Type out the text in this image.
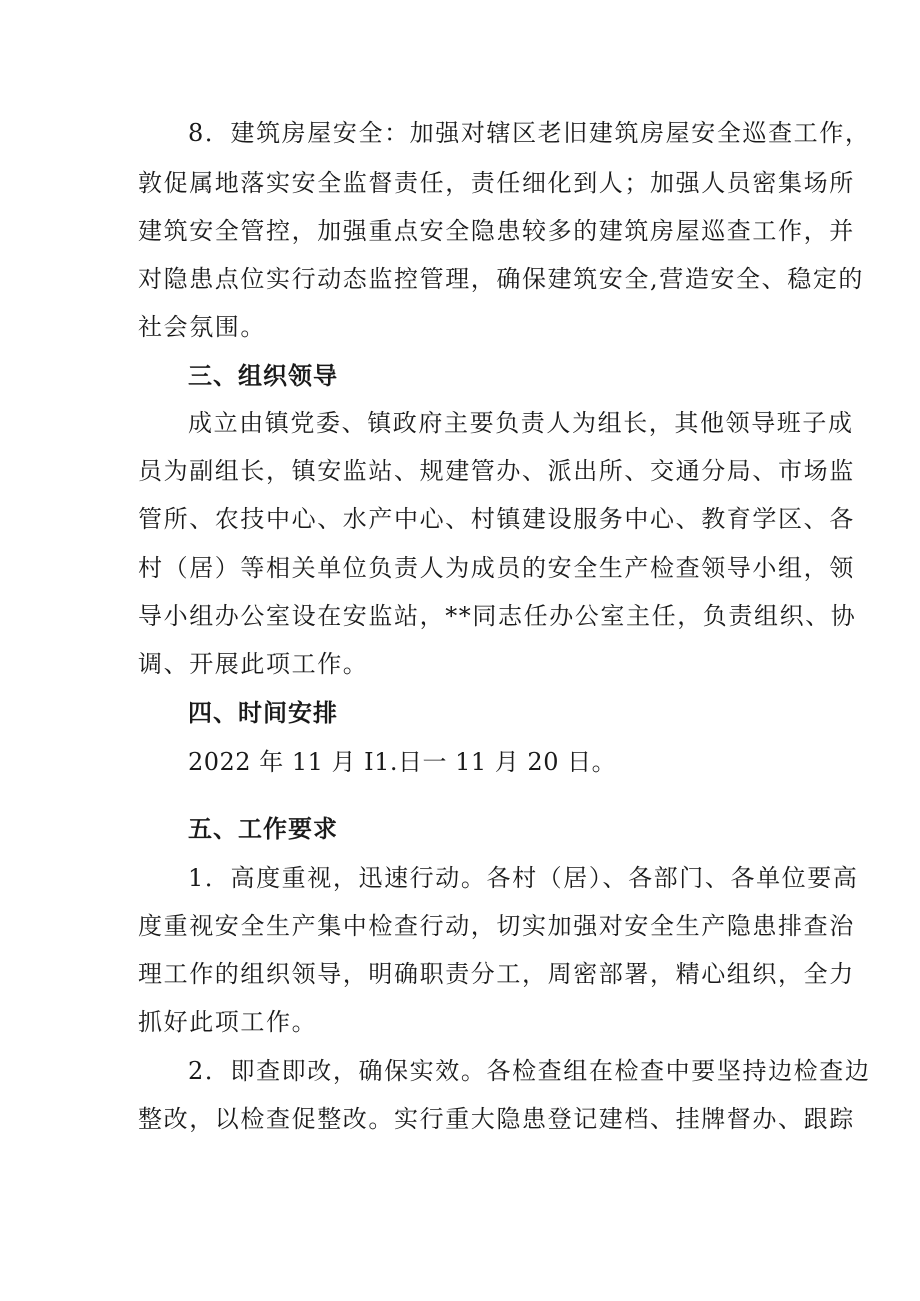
8．建筑房屋安全：加强对辖区老旧建筑房屋安全巡查工作，
敦促属地落实安全监督责任，责任细化到人；加强人员密集场所
建筑安全管控，加强重点安全隐患较多的建筑房屋巡查工作，并
对隐患点位实行动态监控管理，确保建筑安全,营造安全、稳定的
社会氛围。
三、组织领导
成立由镇党委、镇政府主要负责人为组长，其他领导班子成
员为副组长，镇安监站、规建管办、派出所、交通分局、市场监
管所、农技中心、水产中心、村镇建设服务中心、教育学区、各
村（居）等相关单位负责人为成员的安全生产检查领导小组，领
导小组办公室设在安监站，**同志任办公室主任，负责组织、协
调、开展此项工作。
四、时间安排
2022 年 11 月 I1.日一 11 月 20 日。
五、工作要求
1．高度重视，迅速行动。各村（居）、各部门、各单位要高
度重视安全生产集中检查行动，切实加强对安全生产隐患排查治
理工作的组织领导，明确职责分工，周密部署，精心组织，全力
抓好此项工作。
2．即查即改，确保实效。各检查组在检查中要坚持边检查边
整改，以检查促整改。实行重大隐患登记建档、挂牌督办、跟踪
